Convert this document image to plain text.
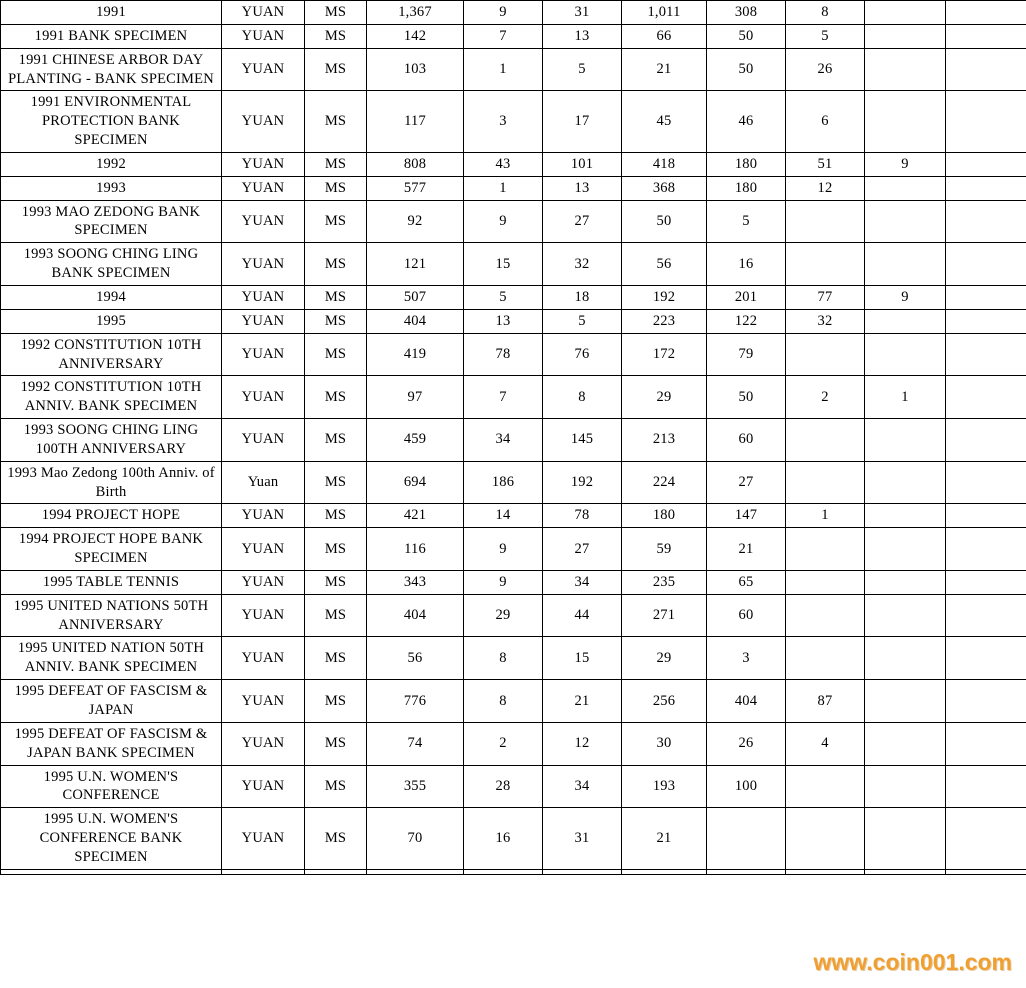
1991	YUAN	MS	1,367	9	31	1,011	308	8		
1991 BANK SPECIMEN	YUAN	MS	142	7	13	66	50	5		
1991 CHINESE ARBOR DAY PLANTING - BANK SPECIMEN	YUAN	MS	103	1	5	21	50	26		
1991 ENVIRONMENTAL PROTECTION BANK SPECIMEN	YUAN	MS	117	3	17	45	46	6		
1992	YUAN	MS	808	43	101	418	180	51	9	
1993	YUAN	MS	577	1	13	368	180	12		
1993 MAO ZEDONG BANK SPECIMEN	YUAN	MS	92	9	27	50	5			
1993 SOONG CHING LING BANK SPECIMEN	YUAN	MS	121	15	32	56	16			
1994	YUAN	MS	507	5	18	192	201	77	9	
1995	YUAN	MS	404	13	5	223	122	32		
1992 CONSTITUTION 10TH ANNIVERSARY	YUAN	MS	419	78	76	172	79			
1992 CONSTITUTION 10TH ANNIV. BANK SPECIMEN	YUAN	MS	97	7	8	29	50	2	1	
1993 SOONG CHING LING 100TH ANNIVERSARY	YUAN	MS	459	34	145	213	60			
1993 Mao Zedong 100th Anniv. of Birth	Yuan	MS	694	186	192	224	27			
1994 PROJECT HOPE	YUAN	MS	421	14	78	180	147	1		
1994 PROJECT HOPE BANK SPECIMEN	YUAN	MS	116	9	27	59	21			
1995 TABLE TENNIS	YUAN	MS	343	9	34	235	65			
1995 UNITED NATIONS 50TH ANNIVERSARY	YUAN	MS	404	29	44	271	60			
1995 UNITED NATION 50TH ANNIV. BANK SPECIMEN	YUAN	MS	56	8	15	29	3			
1995 DEFEAT OF FASCISM & JAPAN	YUAN	MS	776	8	21	256	404	87		
1995 DEFEAT OF FASCISM & JAPAN BANK SPECIMEN	YUAN	MS	74	2	12	30	26	4		
1995 U.N. WOMEN'S CONFERENCE	YUAN	MS	355	28	34	193	100			
1995 U.N. WOMEN'S CONFERENCE BANK SPECIMEN	YUAN	MS	70	16	31	21				

www.coin001.com
